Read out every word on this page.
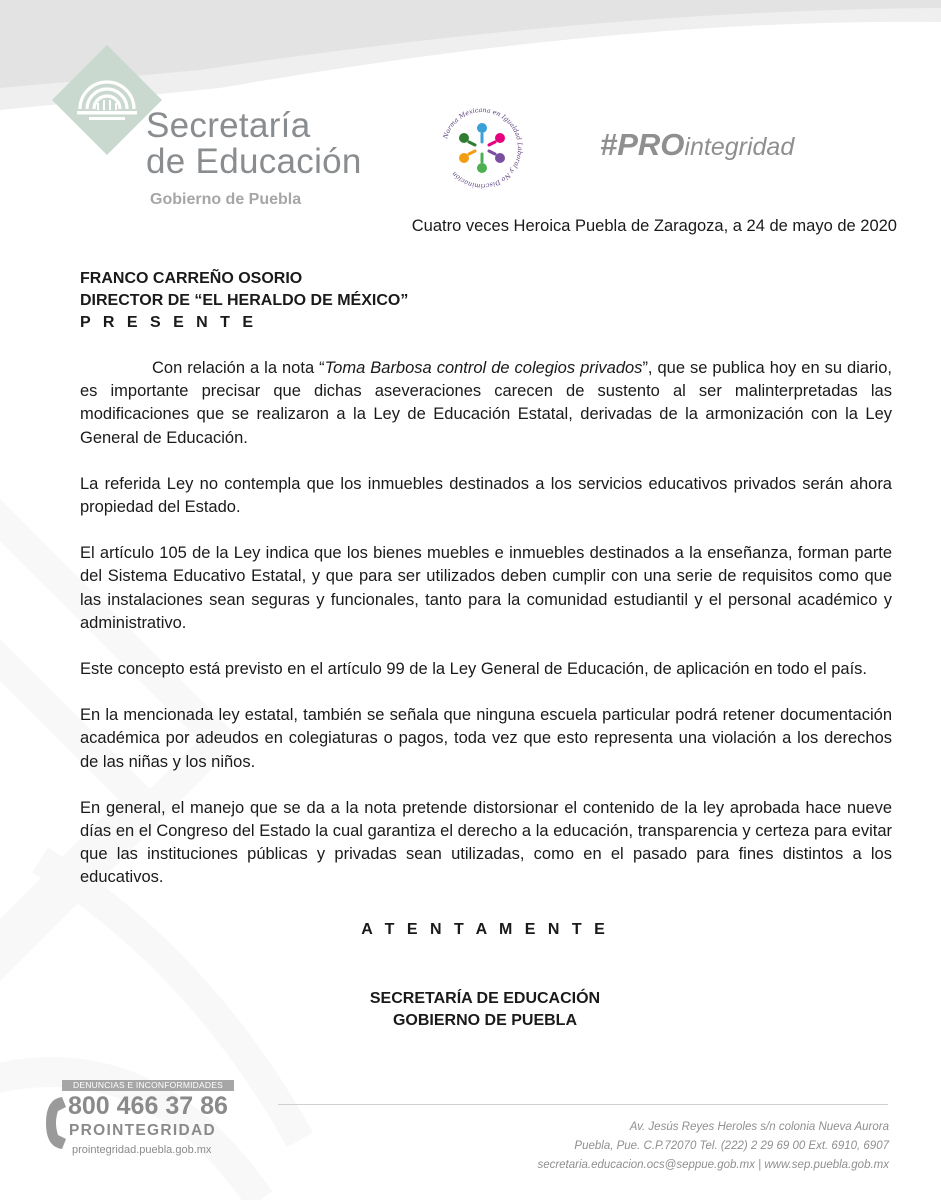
Secretaría
de Educación
Gobierno de Puebla
Norma Mexicana en Igualdad Laboral y No Discriminación
#PROintegridad
Cuatro veces Heroica Puebla de Zaragoza, a 24 de mayo de 2020
FRANCO CARREÑO OSORIO
DIRECTOR DE “EL HERALDO DE MÉXICO”
P R E S E N T E

Con relación a la nota “Toma Barbosa control de colegios privados”, que se publica hoy en su diario, es importante precisar que dichas aseveraciones carecen de sustento al ser malinterpretadas las modificaciones que se realizaron a la Ley de Educación Estatal, derivadas de la armonización con la Ley General de Educación.

La referida Ley no contempla que los inmuebles destinados a los servicios educativos privados serán ahora propiedad del Estado.

El artículo 105 de la Ley indica que los bienes muebles e inmuebles destinados a la enseñanza, forman parte del Sistema Educativo Estatal, y que para ser utilizados deben cumplir con una serie de requisitos como que las instalaciones sean seguras y funcionales, tanto para la comunidad estudiantil y el personal académico y administrativo.

Este concepto está previsto en el artículo 99 de la Ley General de Educación, de aplicación en todo el país.

En la mencionada ley estatal, también se señala que ninguna escuela particular podrá retener documentación académica por adeudos en colegiaturas o pagos, toda vez que esto representa una violación a los derechos de las niñas y los niños.

En general, el manejo que se da a la nota pretende distorsionar el contenido de la ley aprobada hace nueve días en el Congreso del Estado la cual garantiza el derecho a la educación, transparencia y certeza para evitar que las instituciones públicas y privadas sean utilizadas, como en el pasado para fines distintos a los educativos.

A T E N T A M E N T E
SECRETARÍA DE EDUCACIÓN
GOBIERNO DE PUEBLA
DENUNCIAS E INCONFORMIDADES
800 466 37 86
PROINTEGRIDAD
prointegridad.puebla.gob.mx
Av. Jesús Reyes Heroles s/n colonia Nueva Aurora
Puebla, Pue. C.P.72070 Tel. (222) 2 29 69 00 Ext. 6910, 6907
secretaria.educacion.ocs@seppue.gob.mx | www.sep.puebla.gob.mx
